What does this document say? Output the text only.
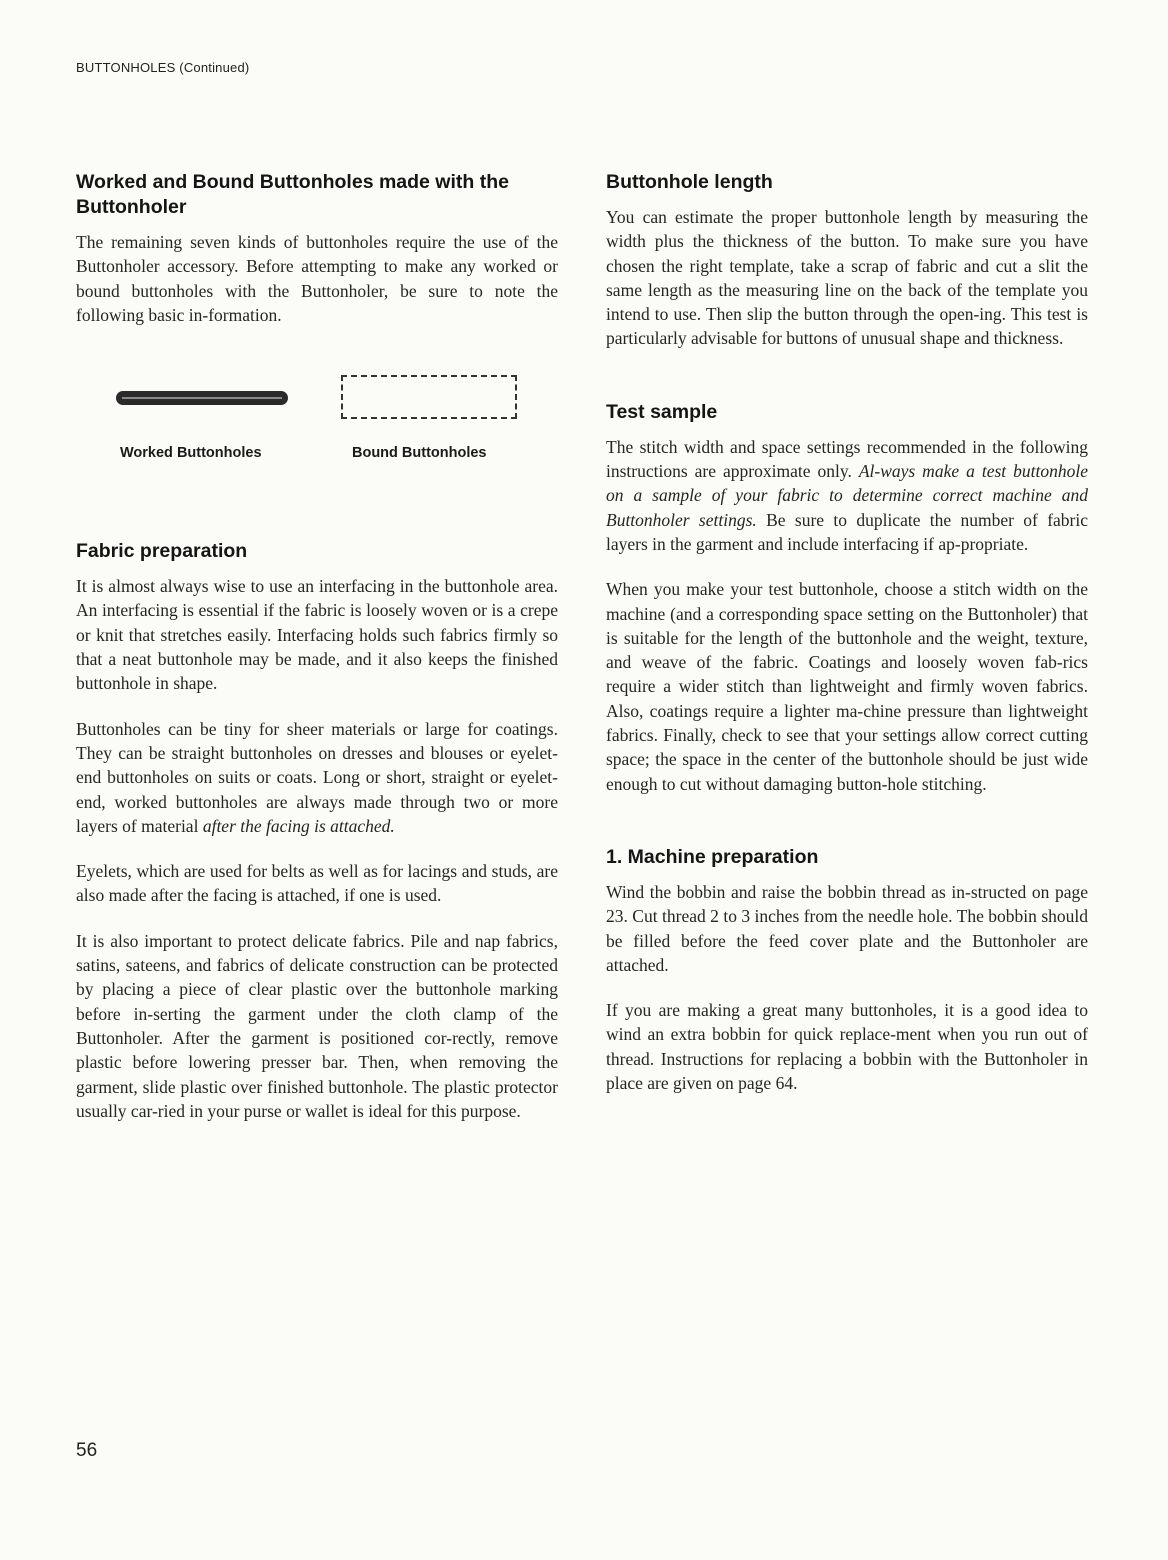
BUTTONHOLES (Continued)
Worked and Bound Buttonholes made with the Buttonholer

The remaining seven kinds of buttonholes require the use of the Buttonholer accessory. Before attempting to make any worked or bound buttonholes with the Buttonholer, be sure to note the following basic in-formation.

Worked Buttonholes	Bound Buttonholes
Fabric preparation

It is almost always wise to use an interfacing in the buttonhole area. An interfacing is essential if the fabric is loosely woven or is a crepe or knit that stretches easily. Interfacing holds such fabrics firmly so that a neat buttonhole may be made, and it also keeps the finished buttonhole in shape.

Buttonholes can be tiny for sheer materials or large for coatings. They can be straight buttonholes on dresses and blouses or eyelet-end buttonholes on suits or coats. Long or short, straight or eyelet-end, worked buttonholes are always made through two or more layers of material after the facing is attached.

Eyelets, which are used for belts as well as for lacings and studs, are also made after the facing is attached, if one is used.

It is also important to protect delicate fabrics. Pile and nap fabrics, satins, sateens, and fabrics of delicate construction can be protected by placing a piece of clear plastic over the buttonhole marking before in-serting the garment under the cloth clamp of the Buttonholer. After the garment is positioned cor-rectly, remove plastic before lowering presser bar. Then, when removing the garment, slide plastic over finished buttonhole. The plastic protector usually car-ried in your purse or wallet is ideal for this purpose.

Buttonhole length

You can estimate the proper buttonhole length by measuring the width plus the thickness of the button. To make sure you have chosen the right template, take a scrap of fabric and cut a slit the same length as the measuring line on the back of the template you intend to use. Then slip the button through the open-ing. This test is particularly advisable for buttons of unusual shape and thickness.

Test sample

The stitch width and space settings recommended in the following instructions are approximate only. Al-ways make a test buttonhole on a sample of your fabric to determine correct machine and Buttonholer settings. Be sure to duplicate the number of fabric layers in the garment and include interfacing if ap-propriate.

When you make your test buttonhole, choose a stitch width on the machine (and a corresponding space setting on the Buttonholer) that is suitable for the length of the buttonhole and the weight, texture, and weave of the fabric. Coatings and loosely woven fab-rics require a wider stitch than lightweight and firmly woven fabrics. Also, coatings require a lighter ma-chine pressure than lightweight fabrics. Finally, check to see that your settings allow correct cutting space; the space in the center of the buttonhole should be just wide enough to cut without damaging button-hole stitching.

1. Machine preparation

Wind the bobbin and raise the bobbin thread as in-structed on page 23. Cut thread 2 to 3 inches from the needle hole. The bobbin should be filled before the feed cover plate and the Buttonholer are attached.

If you are making a great many buttonholes, it is a good idea to wind an extra bobbin for quick replace-ment when you run out of thread. Instructions for replacing a bobbin with the Buttonholer in place are given on page 64.

56
